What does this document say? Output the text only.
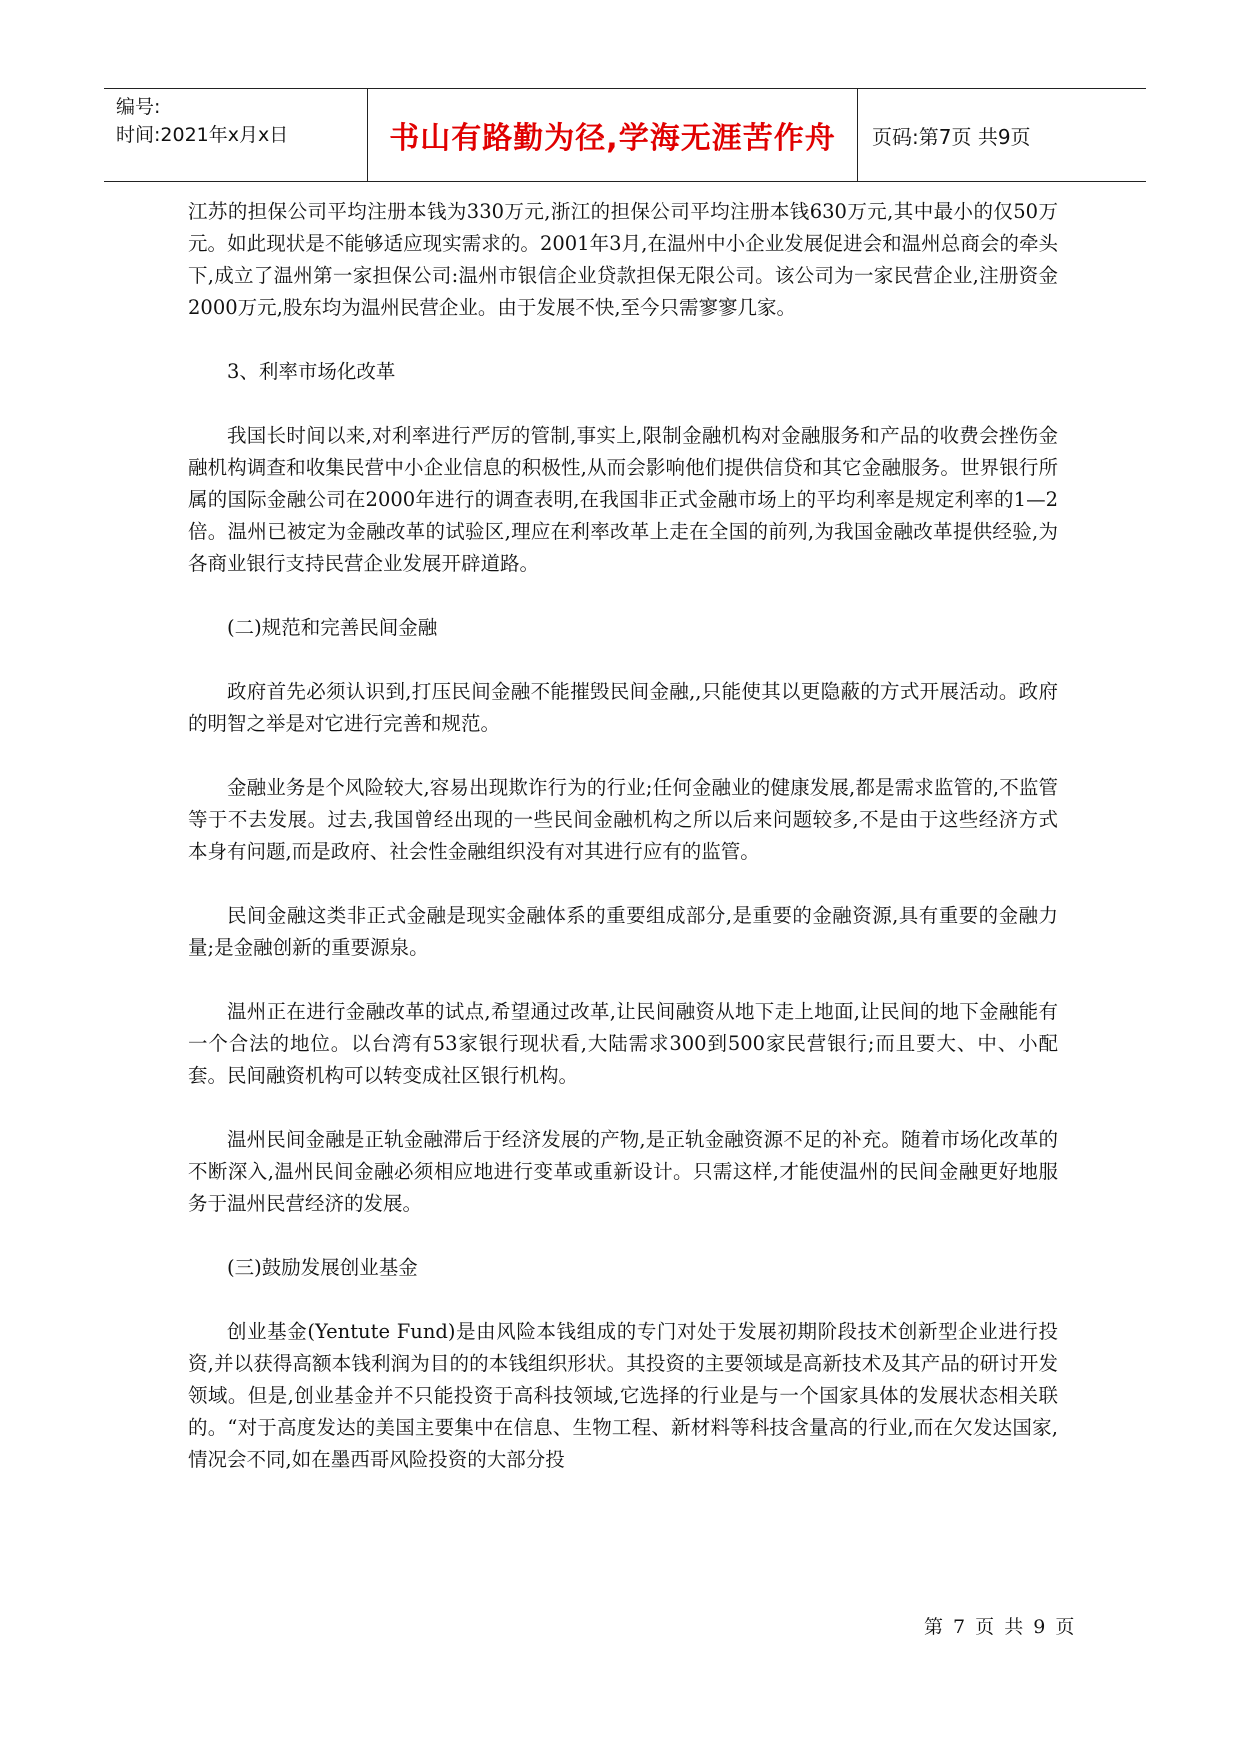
编号:
时间:2021年x月x日	书山有路勤为径,学海无涯苦作舟	页码:第7页 共9页

江苏的担保公司平均注册本钱为330万元,浙江的担保公司平均注册本钱630万元,其中最小的仅50万元。如此现状是不能够适应现实需求的。2001年3月,在温州中小企业发展促进会和温州总商会的牵头下,成立了温州第一家担保公司:温州市银信企业贷款担保无限公司。该公司为一家民营企业,注册资金2000万元,股东均为温州民营企业。由于发展不快,至今只需寥寥几家。

3、利率市场化改革

我国长时间以来,对利率进行严厉的管制,事实上,限制金融机构对金融服务和产品的收费会挫伤金融机构调查和收集民营中小企业信息的积极性,从而会影响他们提供信贷和其它金融服务。世界银行所属的国际金融公司在2000年进行的调查表明,在我国非正式金融市场上的平均利率是规定利率的1—2倍。温州已被定为金融改革的试验区,理应在利率改革上走在全国的前列,为我国金融改革提供经验,为各商业银行支持民营企业发展开辟道路。

(二)规范和完善民间金融

政府首先必须认识到,打压民间金融不能摧毁民间金融,,只能使其以更隐蔽的方式开展活动。政府的明智之举是对它进行完善和规范。

金融业务是个风险较大,容易出现欺诈行为的行业;任何金融业的健康发展,都是需求监管的,不监管等于不去发展。过去,我国曾经出现的一些民间金融机构之所以后来问题较多,不是由于这些经济方式本身有问题,而是政府、社会性金融组织没有对其进行应有的监管。

民间金融这类非正式金融是现实金融体系的重要组成部分,是重要的金融资源,具有重要的金融力量;是金融创新的重要源泉。

温州正在进行金融改革的试点,希望通过改革,让民间融资从地下走上地面,让民间的地下金融能有一个合法的地位。以台湾有53家银行现状看,大陆需求300到500家民营银行;而且要大、中、小配套。民间融资机构可以转变成社区银行机构。

温州民间金融是正轨金融滞后于经济发展的产物,是正轨金融资源不足的补充。随着市场化改革的不断深入,温州民间金融必须相应地进行变革或重新设计。只需这样,才能使温州的民间金融更好地服务于温州民营经济的发展。

(三)鼓励发展创业基金

创业基金(Yentute Fund)是由风险本钱组成的专门对处于发展初期阶段技术创新型企业进行投资,并以获得高额本钱利润为目的的本钱组织形状。其投资的主要领域是高新技术及其产品的研讨开发领域。但是,创业基金并不只能投资于高科技领域,它选择的行业是与一个国家具体的发展状态相关联的。“对于高度发达的美国主要集中在信息、生物工程、新材料等科技含量高的行业,而在欠发达国家,情况会不同,如在墨西哥风险投资的大部分投

第 7 页 共 9 页
